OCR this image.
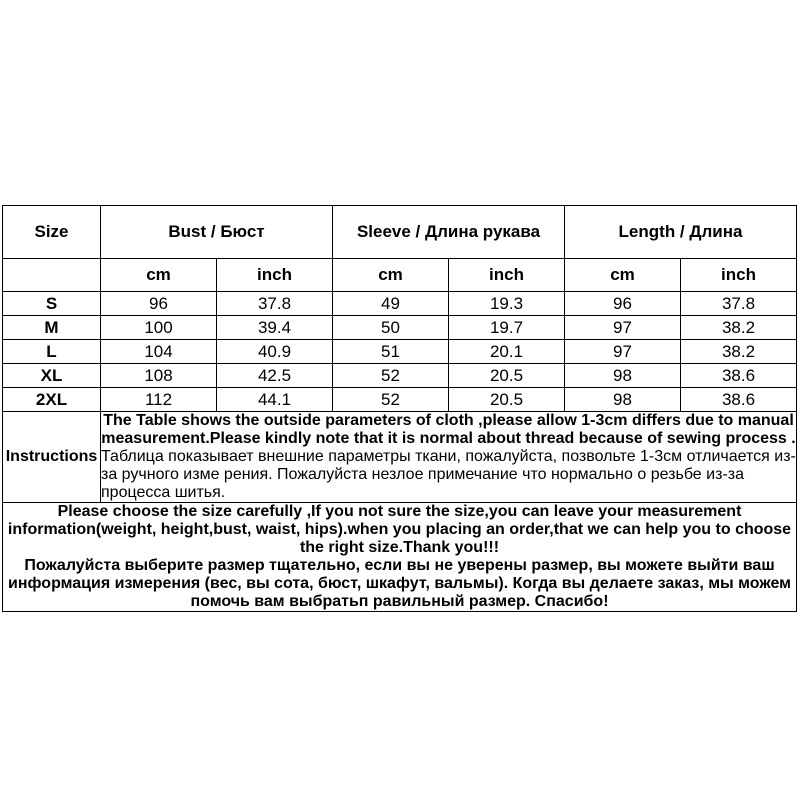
Size	Bust / Бюст		Sleeve / Длина рукава		Length / Длина	
	cm	inch	cm	inch	cm	inch
S	96	37.8	49	19.3	96	37.8
M	100	39.4	50	19.7	97	38.2
L	104	40.9	51	20.1	97	38.2
XL	108	42.5	52	20.5	98	38.6
2XL	112	44.1	52	20.5	98	38.6
Instructions	The Table shows the outside parameters of cloth ,please allow 1-3cm differs due to manual measurement.Please kindly note that it is normal about thread because of sewing process .
Таблица показывает внешние параметры ткани, пожалуйста, позвольте 1-3см отличается из-за ручного изме рения. Пожалуйста незлое примечание что нормально о резьбе из-за процесса шитья.					

Please choose the size carefully ,If you not sure the size,you can leave your measurement information(weight, height,bust, waist, hips).when you placing an order,that we can help you to choose the right size.Thank you!!!
Пожалуйста выберите размер тщательно, если вы не уверены размер, вы можете выйти ваш информация измерения (вес, вы сота, бюст, шкафут, вальмы). Когда вы делаете заказ, мы можем помочь вам выбратьп равильный размер. Спасибо!						
